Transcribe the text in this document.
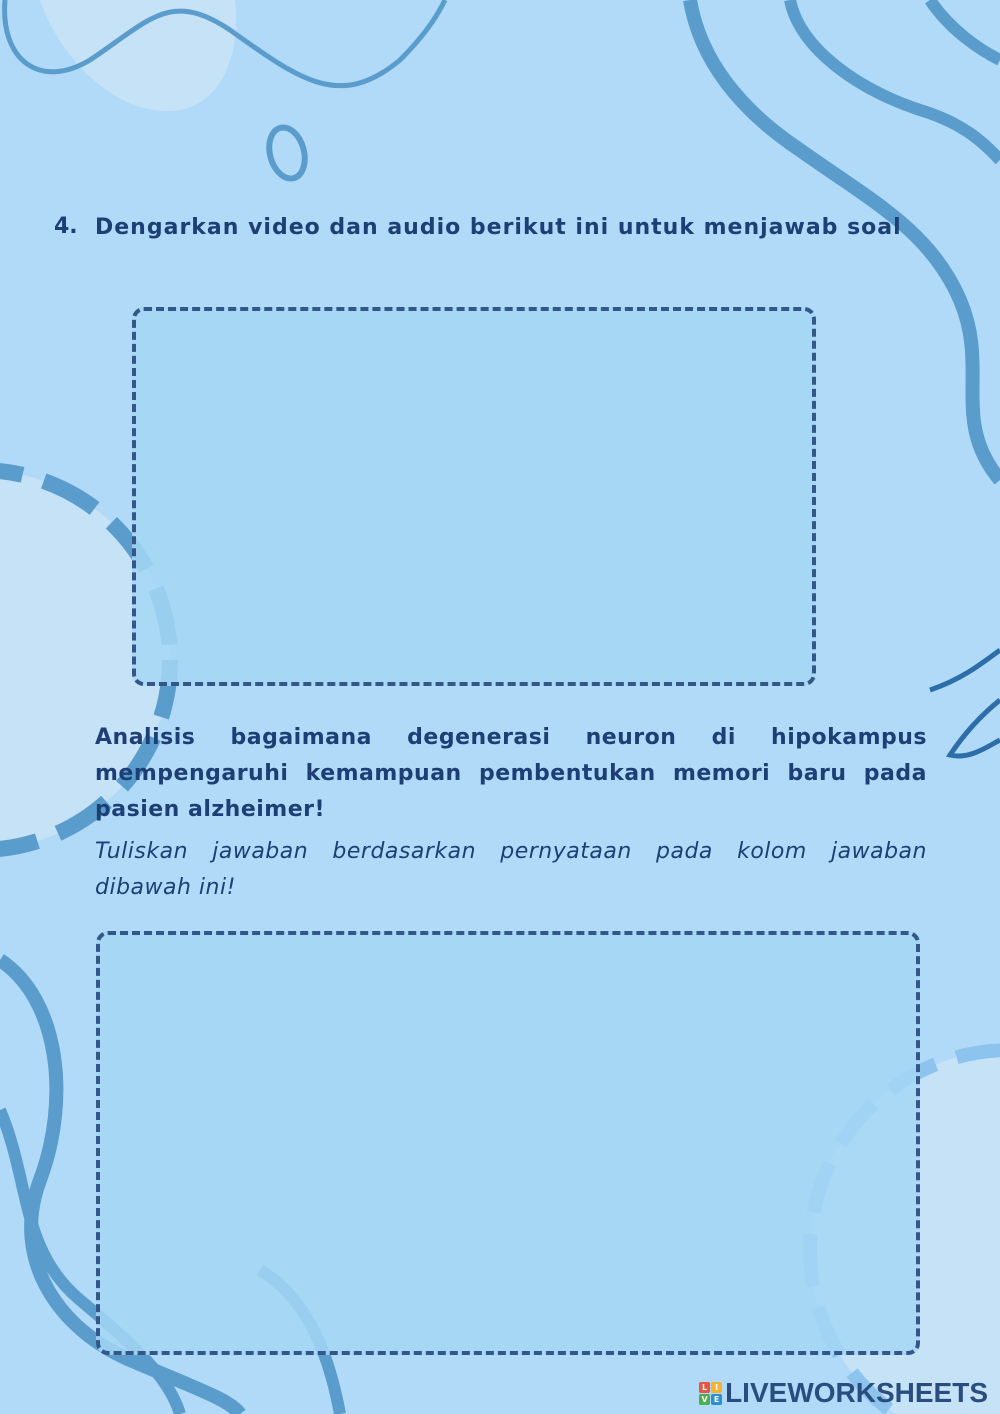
4. Dengarkan video dan audio berikut ini untuk menjawab soal
Analisis bagaimana degenerasi neuron di hipokampus mempengaruhi kemampuan pembentukan memori baru pada pasien alzheimer!
Tuliskan jawaban berdasarkan pernyataan pada kolom jawaban dibawah ini!
L I
V E LIVEWORKSHEETS
